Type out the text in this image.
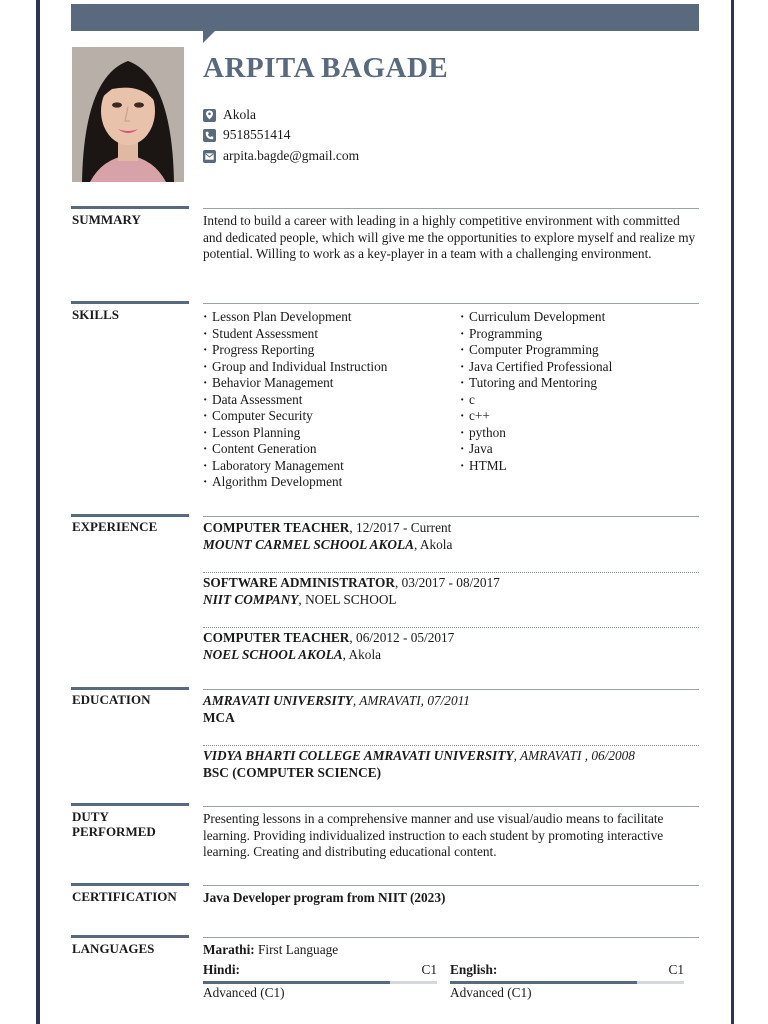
ARPITA BAGADE
Akola
9518551414
arpita.bagde@gmail.com
SUMMARY	Intend to build a career with leading in a highly competitive environment with committed and dedicated people, which will give me the opportunities to explore myself and realize my potential. Willing to work as a key-player in a team with a challenging environment.
SKILLS
·	Lesson Plan Development
· Student Assessment
· Progress Reporting
· Group and Individual Instruction
· Behavior Management
· Data Assessment
· Computer Security
· Lesson Planning
· Content Generation
· Laboratory Management
· Algorithm Development
· Curriculum Development
· Programming
· Computer Programming
· Java Certified Professional
· Tutoring and Mentoring
· c
· c++
· python
· Java
· HTML
EXPERIENCE	COMPUTER TEACHER, 12/2017 - Current
MOUNT CARMEL SCHOOL AKOLA, Akola
SOFTWARE ADMINISTRATOR, 03/2017 - 08/2017
NIIT COMPANY, NOEL SCHOOL
COMPUTER TEACHER, 06/2012 - 05/2017
NOEL SCHOOL AKOLA, Akola
EDUCATION	AMRAVATI UNIVERSITY, AMRAVATI, 07/2011
MCA
VIDYA BHARTI COLLEGE AMRAVATI UNIVERSITY, AMRAVATI , 06/2008
BSC (COMPUTER SCIENCE)
DUTY
PERFORMED
Presenting lessons in a comprehensive manner and use visual/audio means to facilitate learning. Providing individualized instruction to each student by promoting interactive learning. Creating and distributing educational content.
CERTIFICATION Java Developer program from NIIT (2023)
LANGUAGES	Marathi: First Language
Hindi:	C1
Advanced (C1)
English:	C1
Advanced (C1)
